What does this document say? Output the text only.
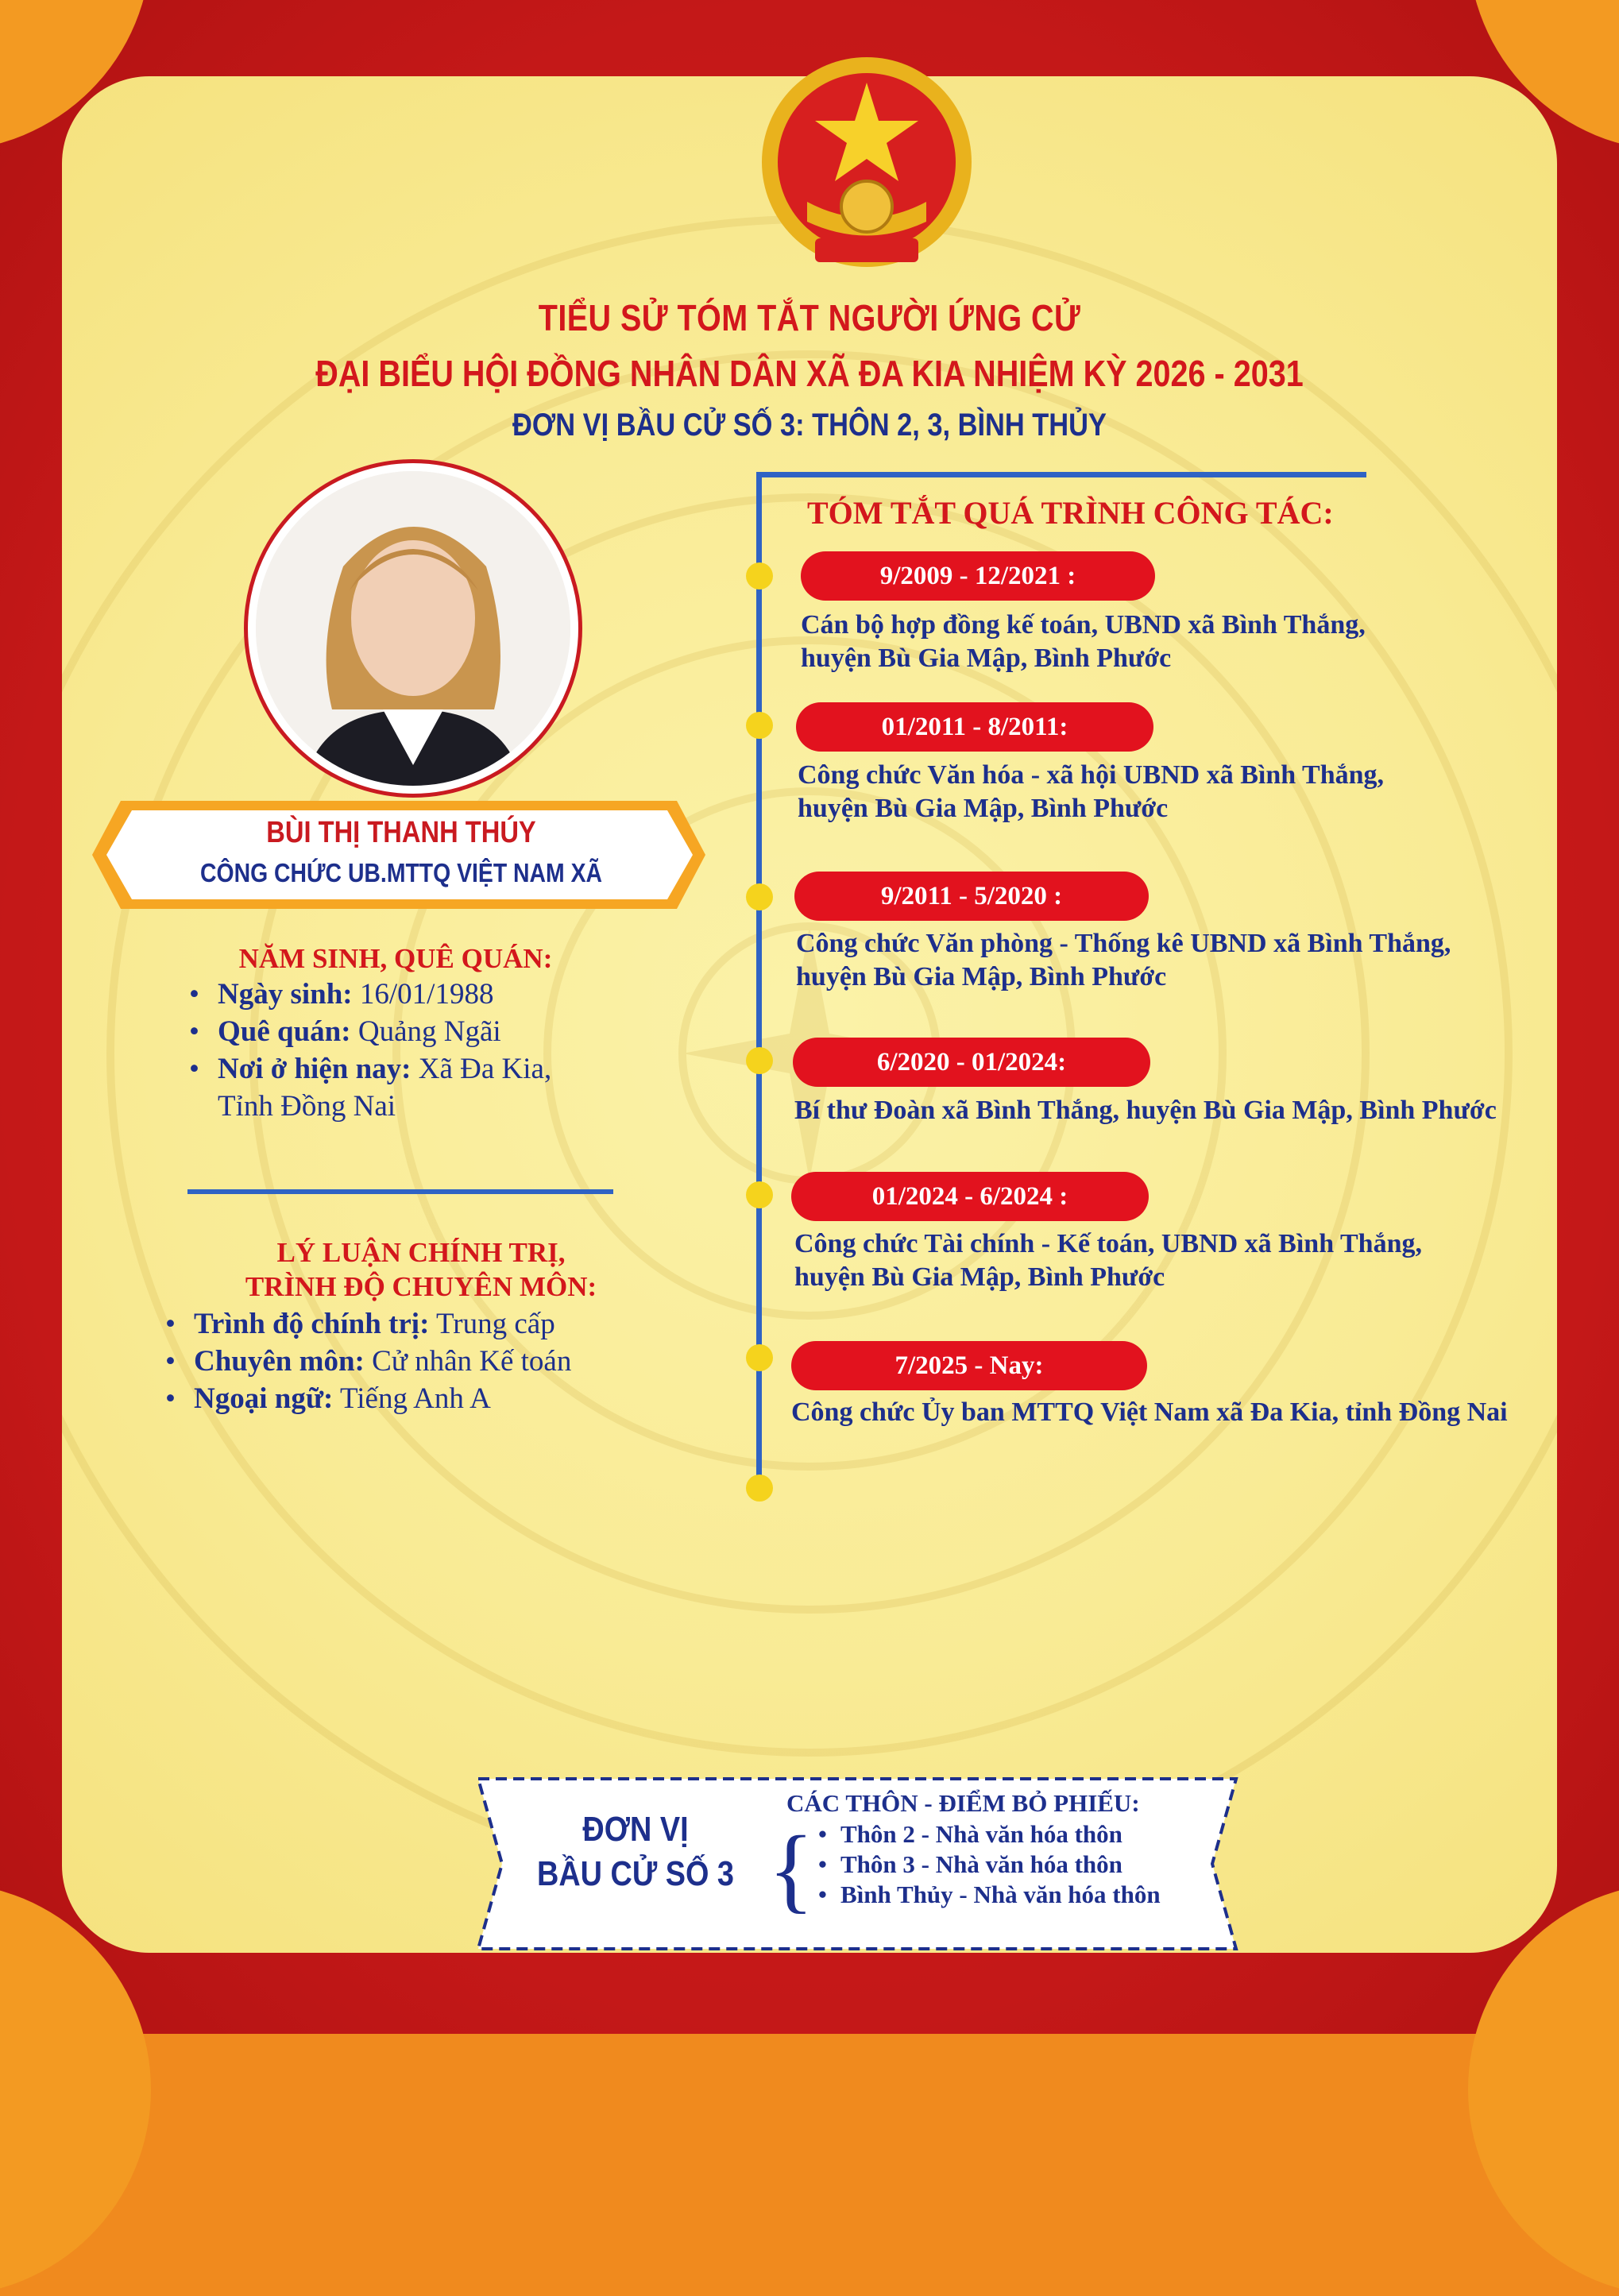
TIỂU SỬ TÓM TẮT NGƯỜI ỨNG CỬ
ĐẠI BIỂU HỘI ĐỒNG NHÂN DÂN XÃ ĐA KIA NHIỆM KỲ 2026 - 2031
ĐƠN VỊ BẦU CỬ SỐ 3: THÔN 2, 3, BÌNH THỦY
BÙI THỊ THANH THÚY
CÔNG CHỨC UB.MTTQ VIỆT NAM XÃ
NĂM SINH, QUÊ QUÁN:
• Ngày sinh: 16/01/1988
• Quê quán: Quảng Ngãi
• Nơi ở hiện nay: Xã Đa Kia,
Tỉnh Đồng Nai
LÝ LUẬN CHÍNH TRỊ,
TRÌNH ĐỘ CHUYÊN MÔN:
• Trình độ chính trị: Trung cấp
• Chuyên môn: Cử nhân Kế toán
• Ngoại ngữ: Tiếng Anh A
TÓM TẮT QUÁ TRÌNH CÔNG TÁC:
9/2009 - 12/2021 :
Cán bộ hợp đồng kế toán, UBND xã Bình Thắng,
huyện Bù Gia Mập, Bình Phước
01/2011 - 8/2011:
Công chức Văn hóa - xã hội UBND xã Bình Thắng,
huyện Bù Gia Mập, Bình Phước
9/2011 - 5/2020 :
Công chức Văn phòng - Thống kê UBND xã Bình Thắng,
huyện Bù Gia Mập, Bình Phước
6/2020 - 01/2024:
Bí thư Đoàn xã Bình Thắng, huyện Bù Gia Mập, Bình Phước
01/2024 - 6/2024 :
Công chức Tài chính - Kế toán, UBND xã Bình Thắng,
huyện Bù Gia Mập, Bình Phước
7/2025 - Nay:
Công chức Ủy ban MTTQ Việt Nam xã Đa Kia, tỉnh Đồng Nai
ĐƠN VỊ
BẦU CỬ SỐ 3
CÁC THÔN - ĐIỂM BỎ PHIẾU:
{
•	Thôn 2 - Nhà văn hóa thôn
• Thôn 3 - Nhà văn hóa thôn
• Bình Thủy - Nhà văn hóa thôn
